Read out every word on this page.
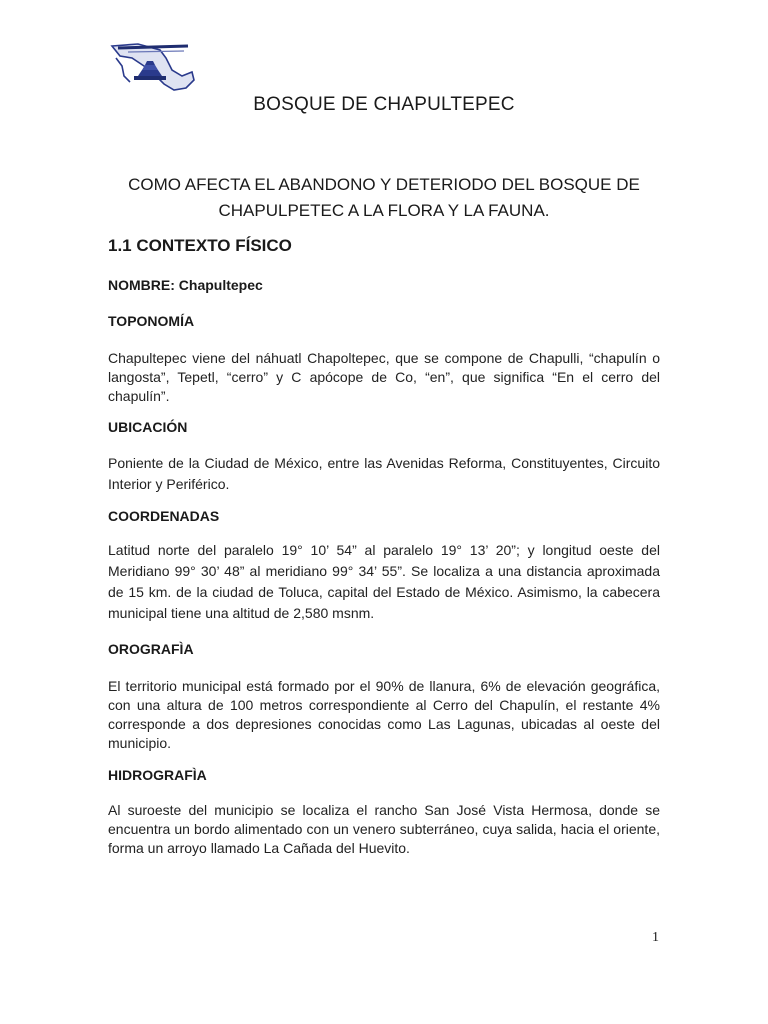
BOSQUE DE CHAPULTEPEC
COMO AFECTA EL ABANDONO Y DETERIODO DEL BOSQUE DE
CHAPULPETEC A LA FLORA Y LA FAUNA.
1.1 CONTEXTO FÍSICO
NOMBRE: Chapultepec
TOPONOMÍA
Chapultepec viene del náhuatl Chapoltepec, que se compone de Chapulli, “chapulín o langosta”, Tepetl, “cerro” y C apócope de Co, “en”, que significa “En el cerro del chapulín”.
UBICACIÓN
Poniente de la Ciudad de México, entre las Avenidas Reforma, Constituyentes, Circuito Interior y Periférico.
COORDENADAS
Latitud norte del paralelo 19° 10’ 54” al paralelo 19° 13’ 20”; y longitud oeste del Meridiano 99° 30’ 48” al meridiano 99° 34’ 55”. Se localiza a una distancia aproximada de 15 km. de la ciudad de Toluca, capital del Estado de México. Asimismo, la cabecera municipal tiene una altitud de 2,580 msnm.
OROGRAFÌA
El territorio municipal está formado por el 90% de llanura, 6% de elevación geográfica, con una altura de 100 metros correspondiente al Cerro del Chapulín, el restante 4% corresponde a dos depresiones conocidas como Las Lagunas, ubicadas al oeste del municipio.
HIDROGRAFÌA
Al suroeste del municipio se localiza el rancho San José Vista Hermosa, donde se encuentra un bordo alimentado con un venero subterráneo, cuya salida, hacia el oriente, forma un arroyo llamado La Cañada del Huevito.
1
